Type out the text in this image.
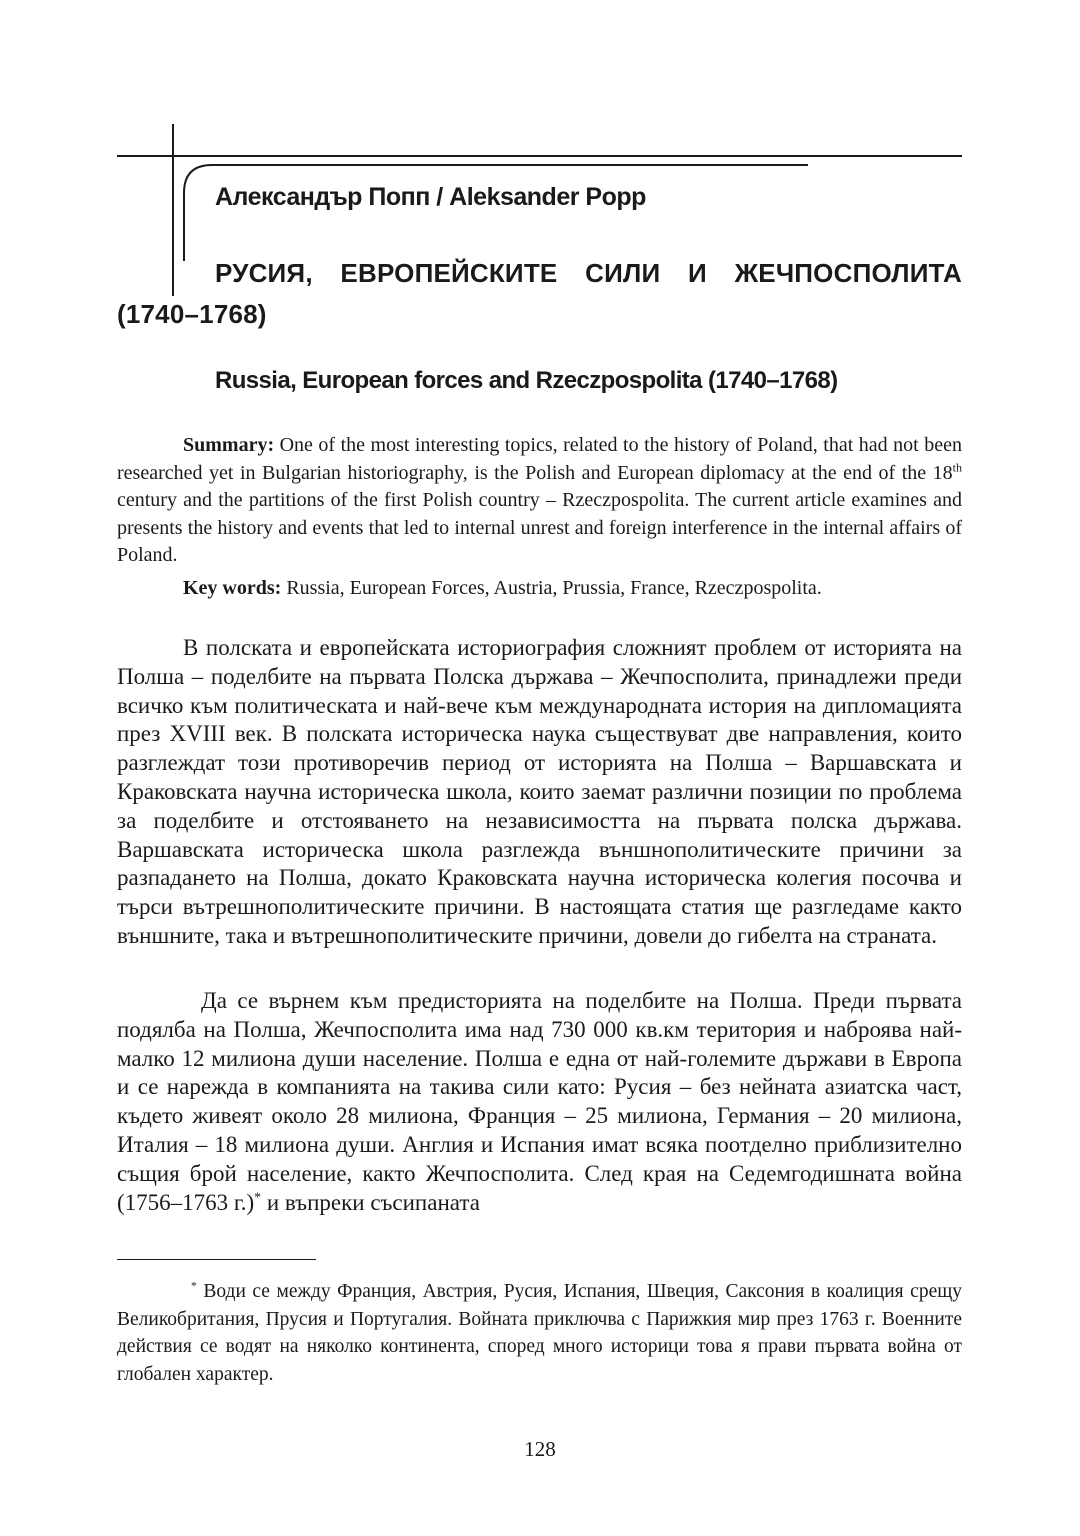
Александър Попп / Aleksander Popp
РУСИЯ, ЕВРОПЕЙСКИТЕ СИЛИ И ЖЕЧПОСПОЛИТА (1740–1768)
Russia, European forces and Rzeczpospolita (1740–1768)
Summary: One of the most interesting topics, related to the history of Poland, that had not been researched yet in Bulgarian historiography, is the Polish and European diplomacy at the end of the 18th century and the partitions of the first Polish country – Rzeczpospolita. The current article examines and presents the history and events that led to internal unrest and foreign interference in the internal affairs of Poland.
Key words: Russia, European Forces, Austria, Prussia, France, Rzeczpospolita.
В полската и европейската историография сложният проблем от историята на Полша – поделбите на първата Полска държава – Жечпосполита, принадлежи преди всичко към политическата и най-вече към международната история на дипломацията през XVIII век. В полската историческа наука съществуват две направления, които разглеждат този противоречив период от историята на Полша – Варшавската и Краковската научна историческа школа, които заемат различни позиции по проблема за поделбите и отстояването на независимостта на първата полска държава. Варшавската историческа школа разглежда външнополитическите причини за разпадането на Полша, докато Краковската научна историческа колегия посочва и търси вътрешнополитическите причини. В настоящата статия ще разгледаме както външните, така и вътрешнополитическите причини, довели до гибелта на страната.
Да се върнем към предисторията на поделбите на Полша. Преди първата подялба на Полша, Жечпосполита има над 730 000 кв.км територия и наброява най-малко 12 милиона души население. Полша е една от най-големите държави в Европа и се нарежда в компанията на такива сили като: Русия – без нейната азиатска част, където живеят около 28 милиона, Франция – 25 милиона, Германия – 20 милиона, Италия – 18 милиона души. Англия и Испания имат всяка поотделно приблизително същия брой население, както Жечпосполита. След края на Седемгодишната война (1756–1763 г.)* и въпреки съсипаната
* Води се между Франция, Австрия, Русия, Испания, Швеция, Саксония в коалиция срещу Великобритания, Прусия и Португалия. Войната приключва с Парижкия мир през 1763 г. Военните действия се водят на няколко континента, според много историци това я прави първата война от глобален характер.
128
